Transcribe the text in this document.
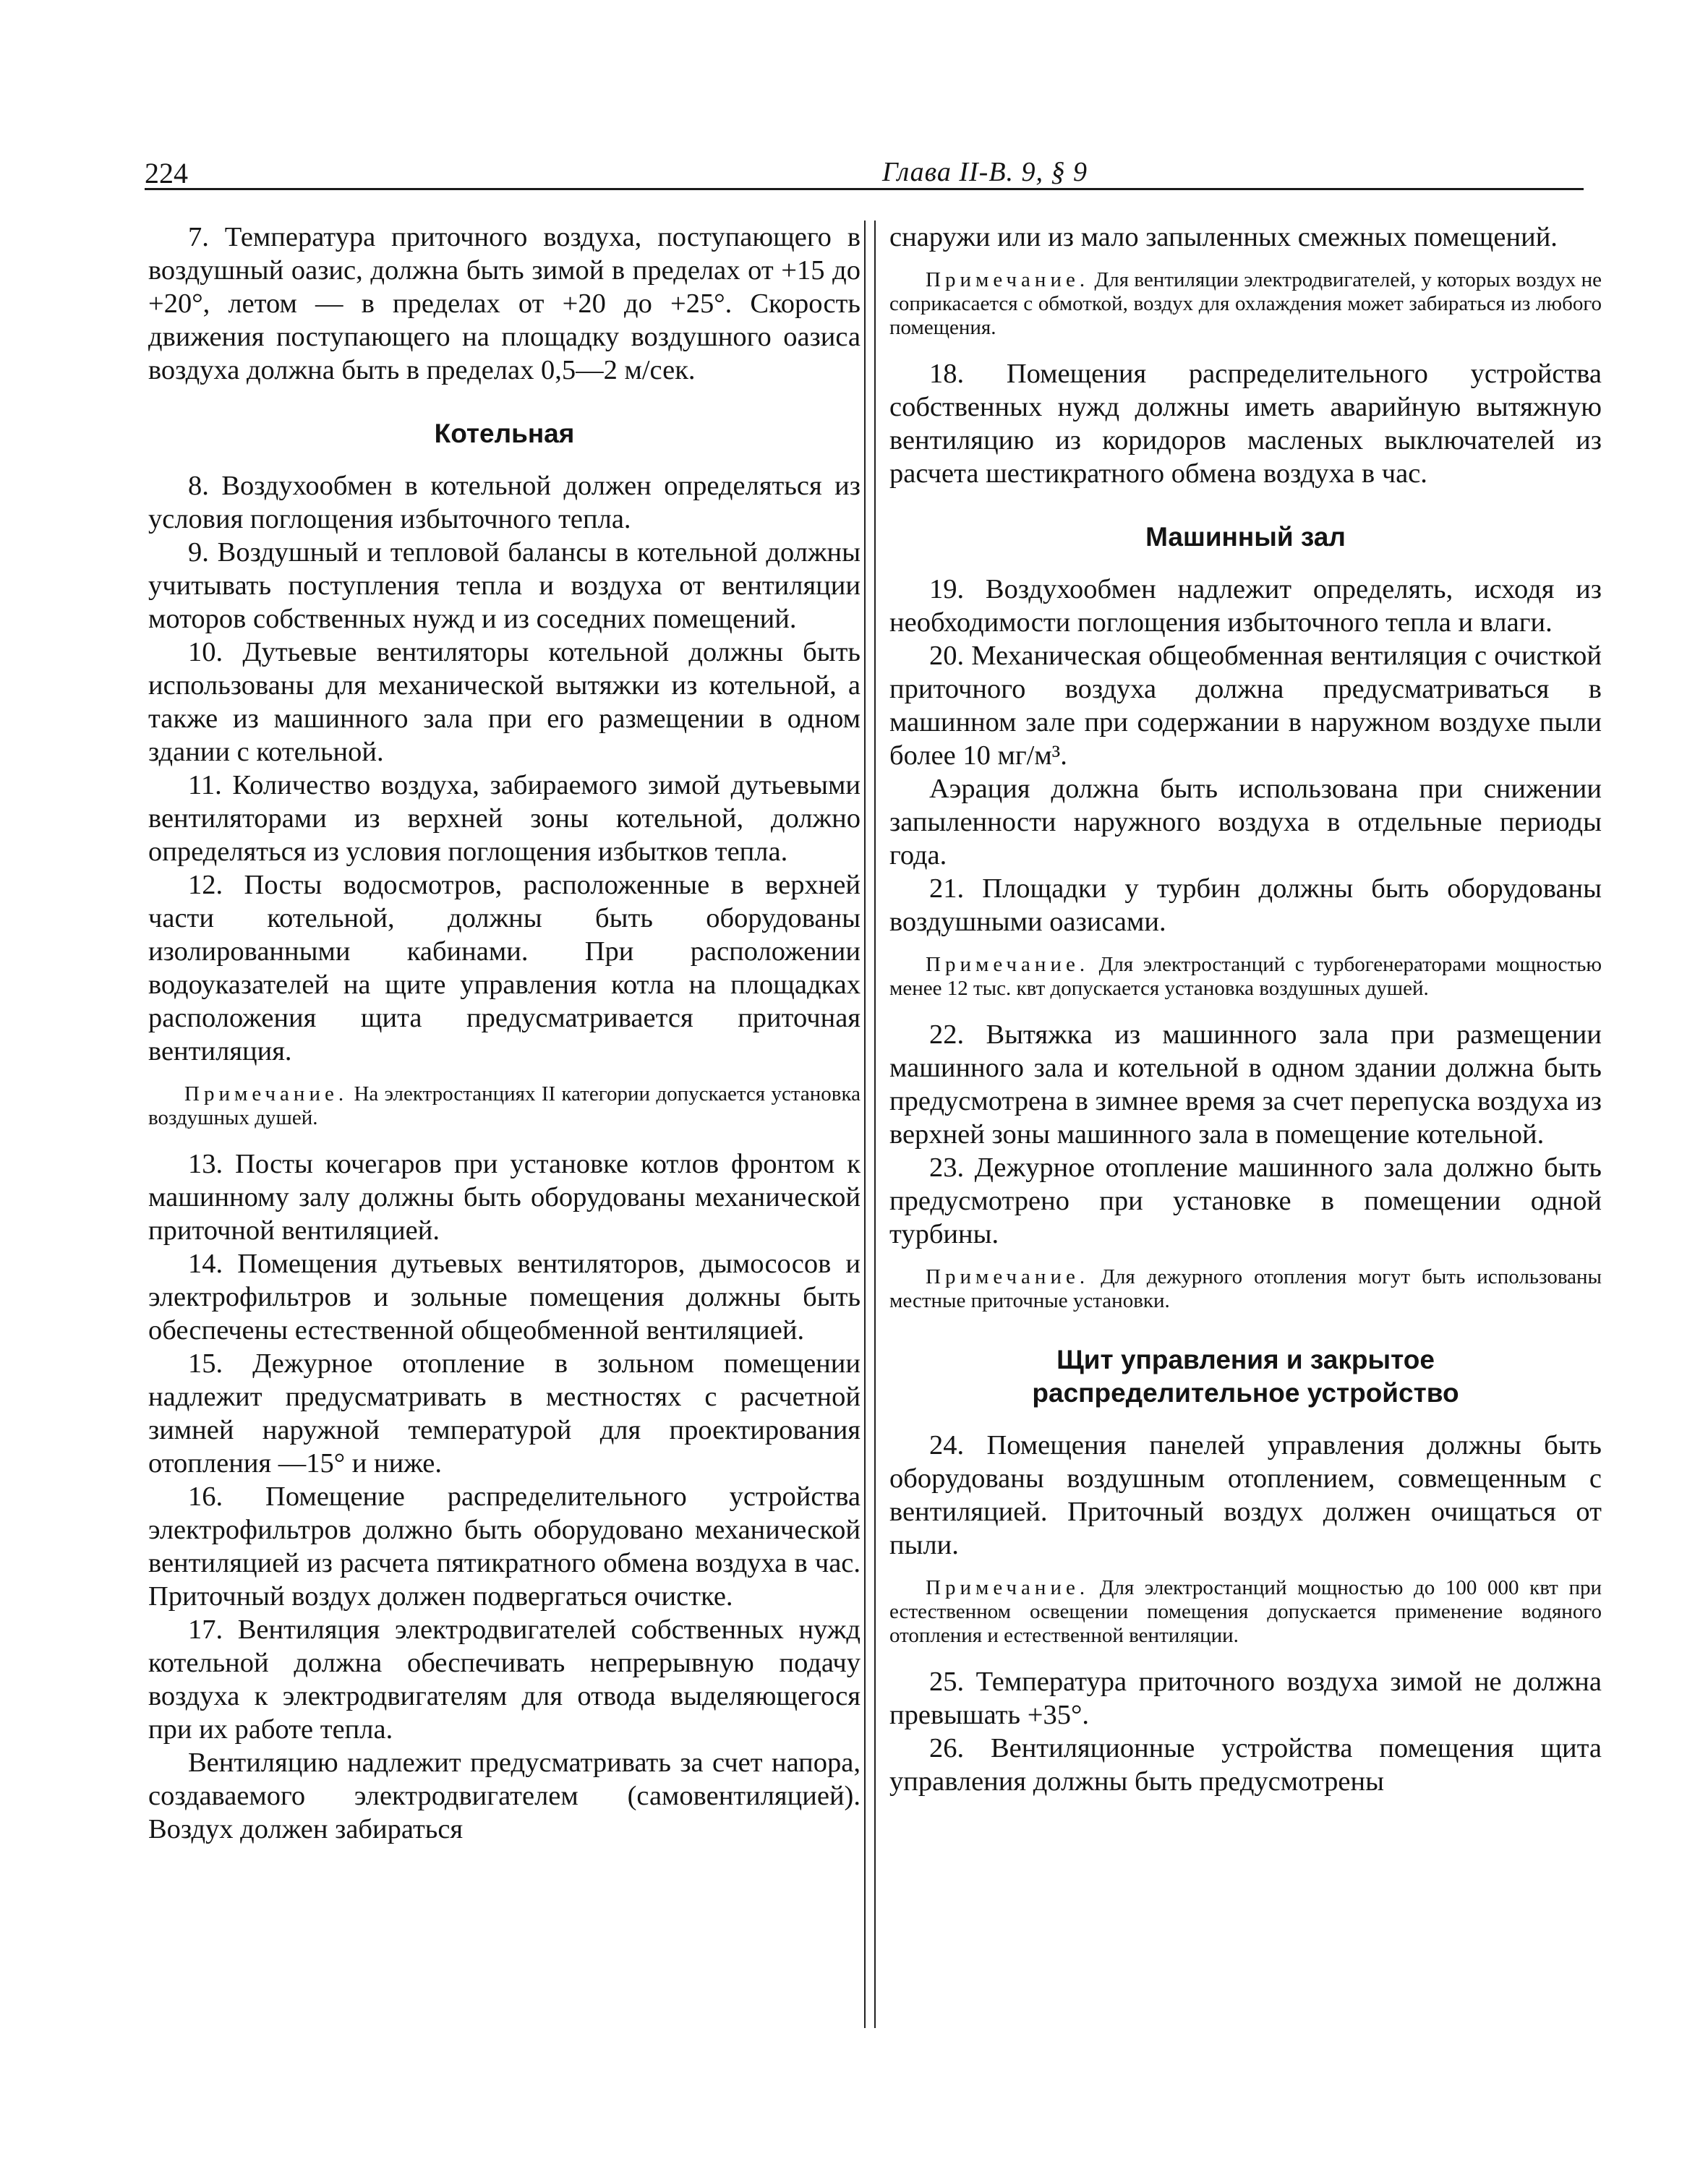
224	Глава II-В. 9, § 9

7. Температура приточного воздуха, поступающего в воздушный оазис, должна быть зимой в пределах от +15 до +20°, летом — в пределах от +20 до +25°. Скорость движения поступающего на площадку воздушного оазиса воздуха должна быть в пределах 0,5—2 м/сек.

Котельная

8. Воздухообмен в котельной должен определяться из условия поглощения избыточного тепла.

9. Воздушный и тепловой балансы в котельной должны учитывать поступления тепла и воздуха от вентиляции моторов собственных нужд и из соседних помещений.

10. Дутьевые вентиляторы котельной должны быть использованы для механической вытяжки из котельной, а также из машинного зала при его размещении в одном здании с котельной.

11. Количество воздуха, забираемого зимой дутьевыми вентиляторами из верхней зоны котельной, должно определяться из условия поглощения избытков тепла.

12. Посты водосмотров, расположенные в верхней части котельной, должны быть оборудованы изолированными кабинами. При расположении водоуказателей на щите управления котла на площадках расположения щита предусматривается приточная вентиляция.

Примечание. На электростанциях II категории допускается установка воздушных душей.

13. Посты кочегаров при установке котлов фронтом к машинному залу должны быть оборудованы механической приточной вентиляцией.

14. Помещения дутьевых вентиляторов, дымососов и электрофильтров и зольные помещения должны быть обеспечены естественной общеобменной вентиляцией.

15. Дежурное отопление в зольном помещении надлежит предусматривать в местностях с расчетной зимней наружной температурой для проектирования отопления —15° и ниже.

16. Помещение распределительного устройства электрофильтров должно быть оборудовано механической вентиляцией из расчета пятикратного обмена воздуха в час. Приточный воздух должен подвергаться очистке.

17. Вентиляция электродвигателей собственных нужд котельной должна обеспечивать непрерывную подачу воздуха к электродвигателям для отвода выделяющегося при их работе тепла.

Вентиляцию надлежит предусматривать за счет напора, создаваемого электродвигателем (самовентиляцией). Воздух должен забираться

снаружи или из мало запыленных смежных помещений.

Примечание. Для вентиляции электродвигателей, у которых воздух не соприкасается с обмоткой, воздух для охлаждения может забираться из любого помещения.

18. Помещения распределительного устройства собственных нужд должны иметь аварийную вытяжную вентиляцию из коридоров масленых выключателей из расчета шестикратного обмена воздуха в час.

Машинный зал

19. Воздухообмен надлежит определять, исходя из необходимости поглощения избыточного тепла и влаги.

20. Механическая общеобменная вентиляция с очисткой приточного воздуха должна предусматриваться в машинном зале при содержании в наружном воздухе пыли более 10 мг/м³.

Аэрация должна быть использована при снижении запыленности наружного воздуха в отдельные периоды года.

21. Площадки у турбин должны быть оборудованы воздушными оазисами.

Примечание. Для электростанций с турбогенераторами мощностью менее 12 тыс. квт допускается установка воздушных душей.

22. Вытяжка из машинного зала при размещении машинного зала и котельной в одном здании должна быть предусмотрена в зимнее время за счет перепуска воздуха из верхней зоны машинного зала в помещение котельной.

23. Дежурное отопление машинного зала должно быть предусмотрено при установке в помещении одной турбины.

Примечание. Для дежурного отопления могут быть использованы местные приточные установки.

Щит управления и закрытое
распределительное устройство

24. Помещения панелей управления должны быть оборудованы воздушным отоплением, совмещенным с вентиляцией. Приточный воздух должен очищаться от пыли.

Примечание. Для электростанций мощностью до 100 000 квт при естественном освещении помещения допускается применение водяного отопления и естественной вентиляции.

25. Температура приточного воздуха зимой не должна превышать +35°.

26. Вентиляционные устройства помещения щита управления должны быть предусмотрены
